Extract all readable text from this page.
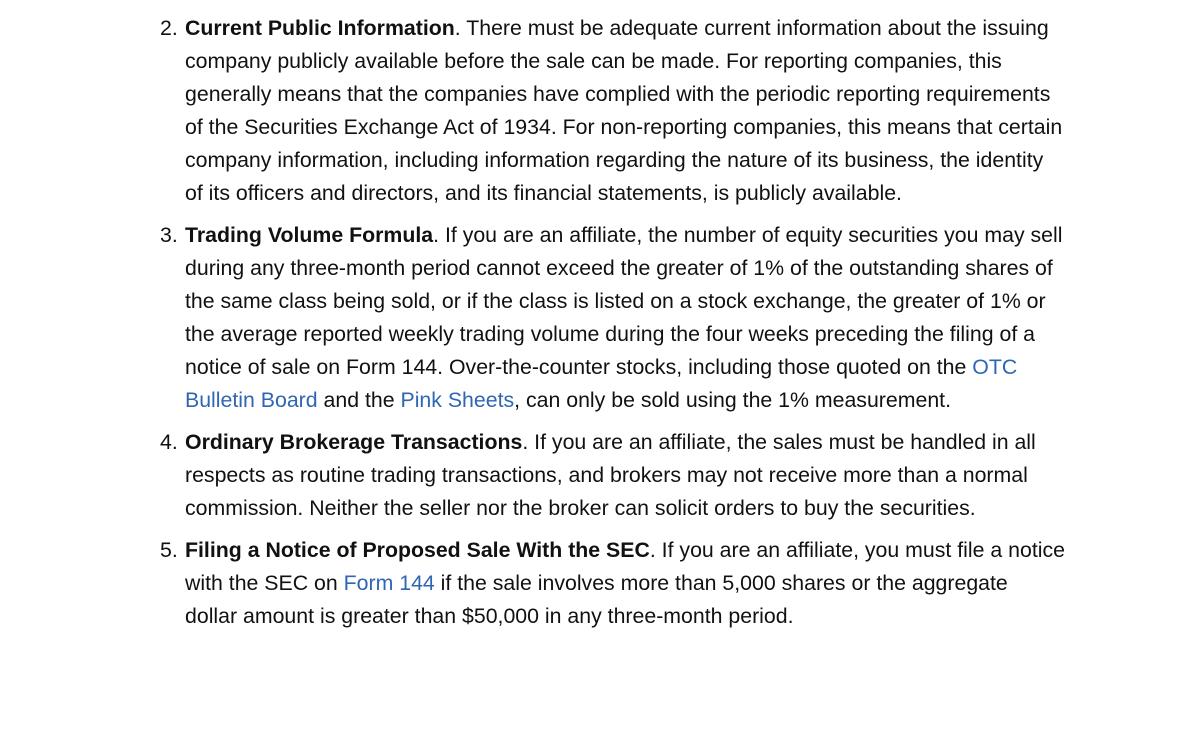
2. Current Public Information. There must be adequate current information about the issuing company publicly available before the sale can be made. For reporting companies, this generally means that the companies have complied with the periodic reporting requirements of the Securities Exchange Act of 1934. For non-reporting companies, this means that certain company information, including information regarding the nature of its business, the identity of its officers and directors, and its financial statements, is publicly available.
3. Trading Volume Formula. If you are an affiliate, the number of equity securities you may sell during any three-month period cannot exceed the greater of 1% of the outstanding shares of the same class being sold, or if the class is listed on a stock exchange, the greater of 1% or the average reported weekly trading volume during the four weeks preceding the filing of a notice of sale on Form 144. Over-the-counter stocks, including those quoted on the OTC Bulletin Board and the Pink Sheets, can only be sold using the 1% measurement.
4. Ordinary Brokerage Transactions. If you are an affiliate, the sales must be handled in all respects as routine trading transactions, and brokers may not receive more than a normal commission. Neither the seller nor the broker can solicit orders to buy the securities.
5. Filing a Notice of Proposed Sale With the SEC. If you are an affiliate, you must file a notice with the SEC on Form 144 if the sale involves more than 5,000 shares or the aggregate dollar amount is greater than $50,000 in any three-month period.
